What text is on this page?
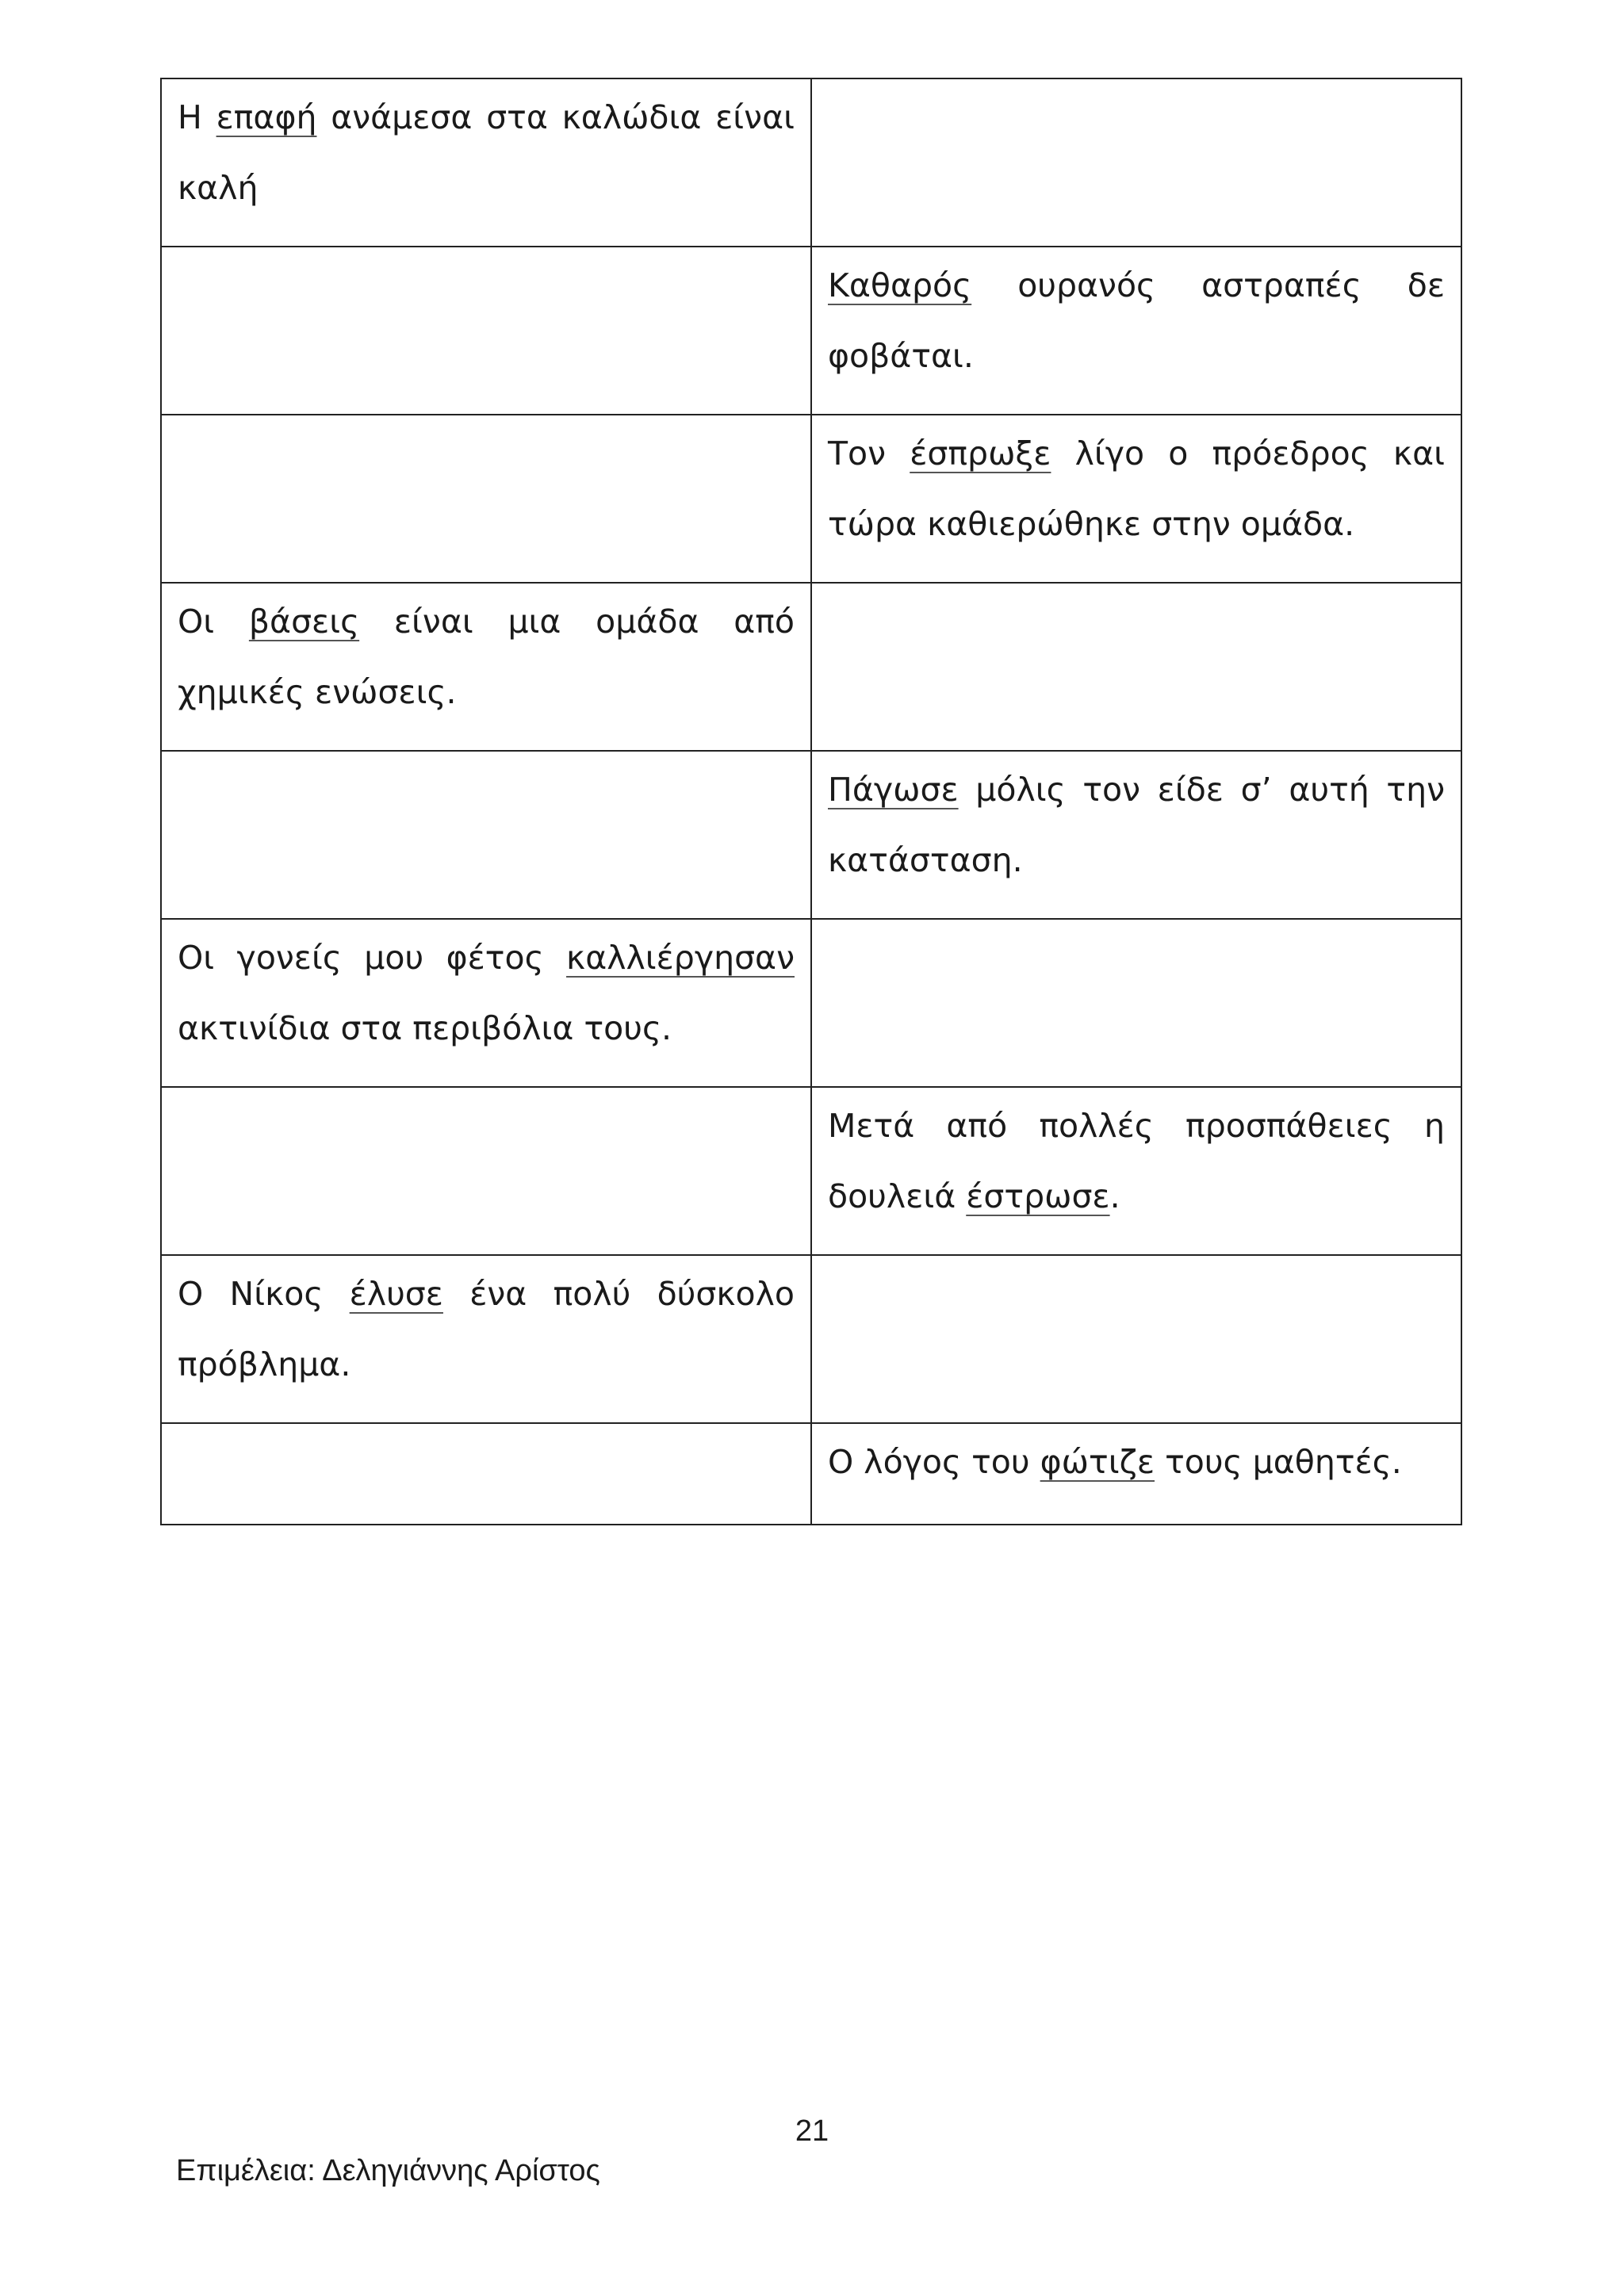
Η επαφή ανάμεσα στα καλώδια είναι καλή	

	Καθαρός ουρανός αστραπές δε φοβάται.

	Τον έσπρωξε λίγο ο πρόεδρος και τώρα καθιερώθηκε στην ομάδα.

Οι βάσεις είναι μια ομάδα από χημικές ενώσεις.	

	Πάγωσε μόλις τον είδε σ’ αυτή την κατάσταση.

Οι γονείς μου φέτος καλλιέργησαν ακτινίδια στα περιβόλια τους.	

	Μετά από πολλές προσπάθειες η δουλειά έστρωσε.

Ο Νίκος έλυσε ένα πολύ δύσκολο πρόβλημα.	

	Ο λόγος του φώτιζε τους μαθητές.
21
Επιμέλεια: Δεληγιάννης Αρίστος
